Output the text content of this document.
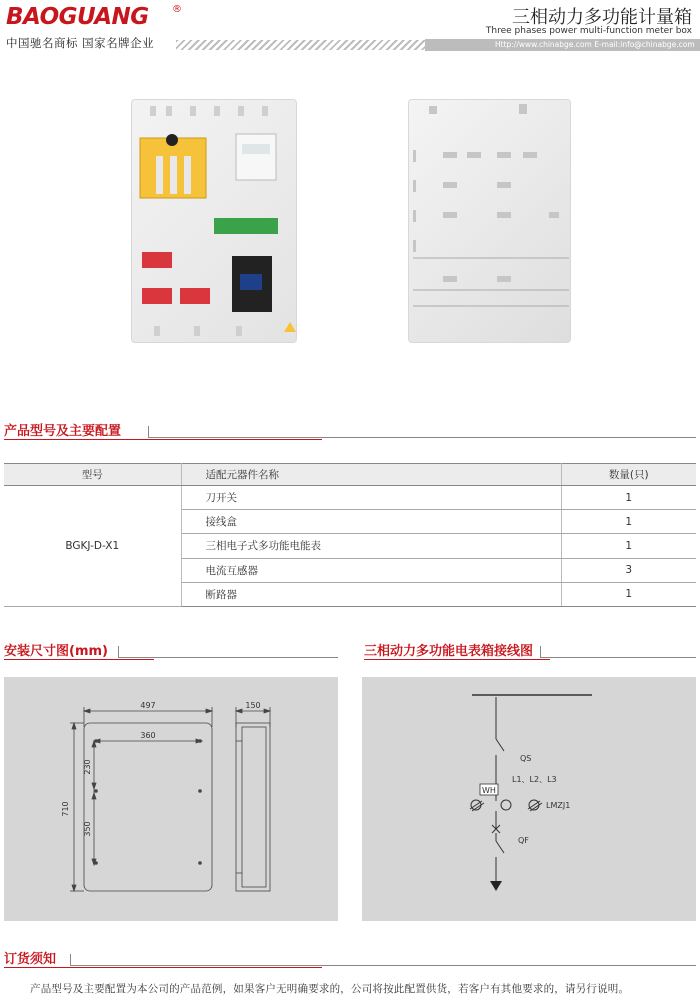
BAOGUANG ®
中国驰名商标 国家名牌企业
三相动力多功能计量箱
Three phases power multi-function meter box
Http://www.chinabge.com E-mail:info@chinabge.com
产品型号及主要配置
型号	适配元器件名称	数量(只)
BGKJ-D-X1	刀开关	1
	接线盒	1
	三相电子式多功能电能表	1
	电流互感器	3
	断路器	1
安装尺寸图(mm)	三相动力多功能电表箱接线图
497	150
360
710
230
350
QS
L1、L2、L3
WH
LMZJ1
QF
订货须知
产品型号及主要配置为本公司的产品范例，如果客户无明确要求的，公司将按此配置供货，若客户有其他要求的，请另行说明。
